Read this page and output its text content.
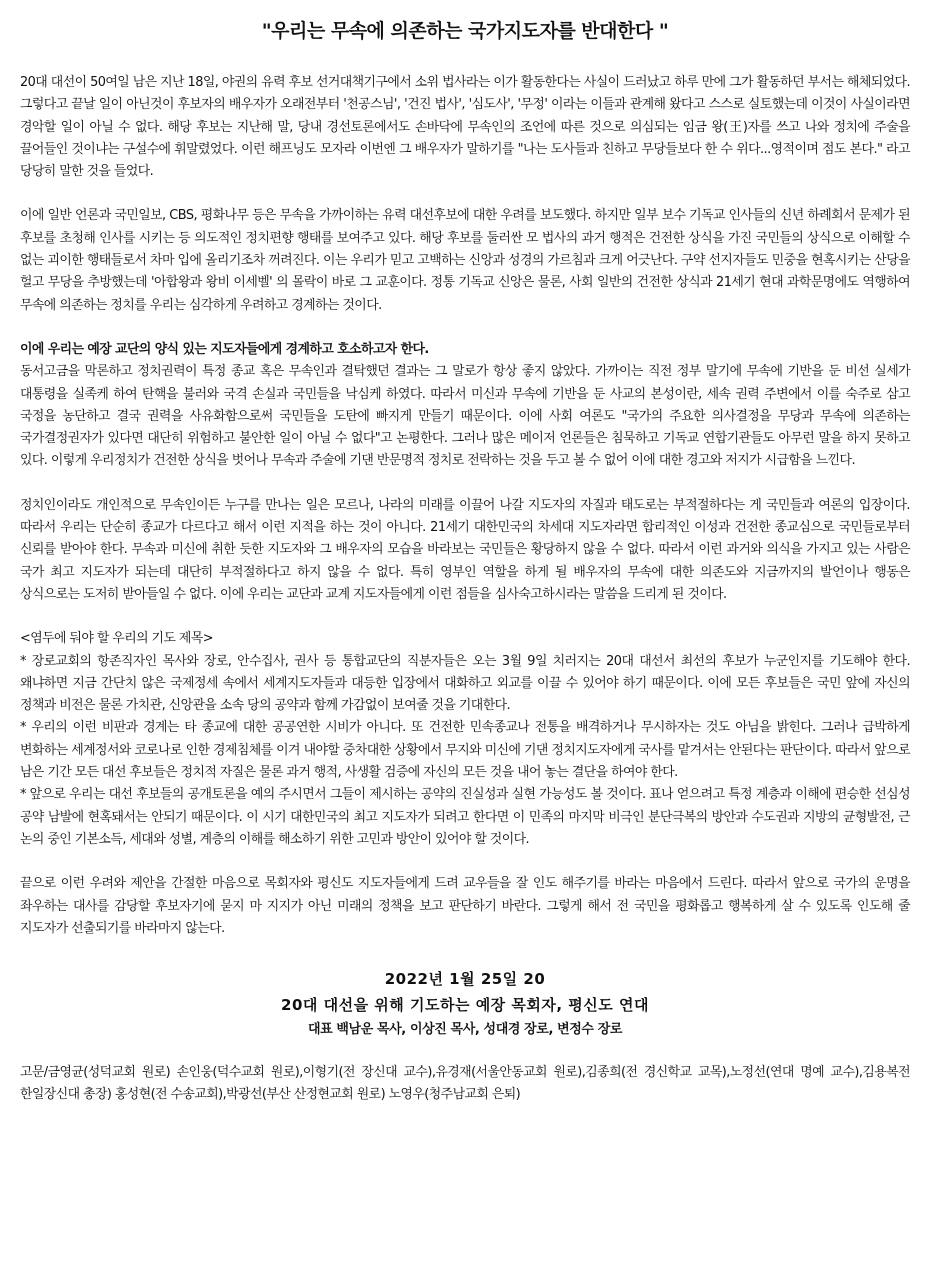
"우리는 무속에 의존하는 국가지도자를 반대한다 "

20대 대선이 50여일 남은 지난 18일, 야권의 유력 후보 선거대책기구에서 소위 법사라는 이가 활동한다는 사실이 드러났고 하루 만에 그가 활동하던 부서는 해체되었다. 그렇다고 끝날 일이 아닌것이 후보자의 배우자가 오래전부터 '천공스님', '건진 법사', '심도사', '무정' 이라는 이들과 관계해 왔다고 스스로 실토했는데 이것이 사실이라면 경악할 일이 아닐 수 없다. 해당 후보는 지난해 말, 당내 경선토론에서도 손바닥에 무속인의 조언에 따른 것으로 의심되는 임금 왕(王)자를 쓰고 나와 정치에 주술을 끌어들인 것이냐는 구설수에 휘말렸었다. 이런 해프닝도 모자라 이번엔 그 배우자가 말하기를 "나는 도사들과 친하고 무당들보다 한 수 위다...영적이며 점도 본다." 라고 당당히 말한 것을 들었다.

이에 일반 언론과 국민일보, CBS, 평화나무 등은 무속을 가까이하는 유력 대선후보에 대한 우려를 보도했다. 하지만 일부 보수 기독교 인사들의 신년 하례회서 문제가 된 후보를 초청해 인사를 시키는 등 의도적인 정치편향 행태를 보여주고 있다. 해당 후보를 둘러싼 모 법사의 과거 행적은 건전한 상식을 가진 국민들의 상식으로 이해할 수 없는 괴이한 행태들로서 차마 입에 올리기조차 꺼려진다. 이는 우리가 믿고 고백하는 신앙과 성경의 가르침과 크게 어긋난다. 구약 선지자들도 민중을 현혹시키는 산당을 헐고 무당을 추방했는데 '아합왕과 왕비 이세벨' 의 몰락이 바로 그 교훈이다. 정통 기독교 신앙은 물론, 사회 일반의 건전한 상식과 21세기 현대 과학문명에도 역행하여 무속에 의존하는 정치를 우리는 심각하게 우려하고 경계하는 것이다.

이에 우리는 예장 교단의 양식 있는 지도자들에게 경계하고 호소하고자 한다.

동서고금을 막론하고 정치권력이 특정 종교 혹은 무속인과 결탁했던 결과는 그 말로가 항상 좋지 않았다. 가까이는 직전 정부 말기에 무속에 기반을 둔 비선 실세가 대통령을 실족케 하여 탄핵을 불러와 국격 손실과 국민들을 낙심케 하였다. 따라서 미신과 무속에 기반을 둔 사교의 본성이란, 세속 권력 주변에서 이를 숙주로 삼고 국정을 농단하고 결국 권력을 사유화함으로써 국민들을 도탄에 빠지게 만들기 때문이다. 이에 사회 여론도 "국가의 주요한 의사결정을 무당과 무속에 의존하는 국가결정권자가 있다면 대단히 위험하고 불안한 일이 아닐 수 없다"고 논평한다. 그러나 많은 메이저 언론들은 침묵하고 기독교 연합기관들도 아무런 말을 하지 못하고 있다. 이렇게 우리정치가 건전한 상식을 벗어나 무속과 주술에 기댄 반문명적 정치로 전락하는 것을 두고 볼 수 없어 이에 대한 경고와 저지가 시급함을 느낀다.

정치인이라도 개인적으로 무속인이든 누구를 만나는 일은 모르나, 나라의 미래를 이끌어 나갈 지도자의 자질과 태도로는 부적절하다는 게 국민들과 여론의 입장이다. 따라서 우리는 단순히 종교가 다르다고 해서 이런 지적을 하는 것이 아니다. 21세기 대한민국의 차세대 지도자라면 합리적인 이성과 건전한 종교심으로 국민들로부터 신뢰를 받아야 한다. 무속과 미신에 취한 듯한 지도자와 그 배우자의 모습을 바라보는 국민들은 황당하지 않을 수 없다. 따라서 이런 과거와 의식을 가지고 있는 사람은 국가 최고 지도자가 되는데 대단히 부적절하다고 하지 않을 수 없다. 특히 영부인 역할을 하게 될 배우자의 무속에 대한 의존도와 지금까지의 발언이나 행동은 상식으로는 도저히 받아들일 수 없다. 이에 우리는 교단과 교계 지도자들에게 이런 점들을 심사숙고하시라는 말씀을 드리게 된 것이다.

<염두에 둬야 할 우리의 기도 제목>

* 장로교회의 항존직자인 목사와 장로, 안수집사, 권사 등 통합교단의 직분자들은 오는 3월 9일 치러지는 20대 대선서 최선의 후보가 누군인지를 기도해야 한다. 왜냐하면 지금 간단치 않은 국제정세 속에서 세계지도자들과 대등한 입장에서 대화하고 외교를 이끌 수 있어야 하기 때문이다. 이에 모든 후보들은 국민 앞에 자신의 정책과 비전은 물론 가치관, 신앙관을 소속 당의 공약과 함께 가감없이 보여줄 것을 기대한다.

* 우리의 이런 비판과 경계는 타 종교에 대한 공공연한 시비가 아니다. 또 건전한 민속종교나 전통을 배격하거나 무시하자는 것도 아님을 밝힌다. 그러나 급박하게 변화하는 세계정서와 코로나로 인한 경제침체를 이겨 내야할 중차대한 상황에서 무지와 미신에 기댄 정치지도자에게 국사를 맡겨서는 안된다는 판단이다. 따라서 앞으로 남은 기간 모든 대선 후보들은 정치적 자질은 물론 과거 행적, 사생활 검증에 자신의 모든 것을 내어 놓는 결단을 하여야 한다.

* 앞으로 우리는 대선 후보들의 공개토론을 예의 주시면서 그들이 제시하는 공약의 진실성과 실현 가능성도 볼 것이다. 표나 얻으려고 특정 계층과 이해에 편승한 선심성 공약 남발에 현혹돼서는 안되기 때문이다. 이 시기 대한민국의 최고 지도자가 되려고 한다면 이 민족의 마지막 비극인 분단극복의 방안과 수도권과 지방의 균형발전, 근 논의 중인 기본소득, 세대와 성별, 계층의 이해를 해소하기 위한 고민과 방안이 있어야 할 것이다.

끝으로 이런 우려와 제안을 간절한 마음으로 목회자와 평신도 지도자들에게 드려 교우들을 잘 인도 해주기를 바라는 마음에서 드린다. 따라서 앞으로 국가의 운명을 좌우하는 대사를 감당할 후보자기에 묻지 마 지지가 아닌 미래의 정책을 보고 판단하기 바란다. 그렇게 해서 전 국민을 평화롭고 행복하게 살 수 있도록 인도해 줄 지도자가 선출되기를 바라마지 않는다.

2022년 1월 25일 20
20대 대선을 위해 기도하는 예장 목회자, 평신도 연대
대표 백남운 목사, 이상진 목사, 성대경 장로, 변정수 장로

고문/금영균(성덕교회 원로) 손인웅(덕수교회 원로),이형기(전 장신대 교수),유경재(서울안동교회 원로),김종희(전 경신학교 교목),노정선(연대 명예 교수),김용복전 한일장신대 총장) 홍성현(전 수송교회),박광선(부산 산정현교회 원로) 노영우(청주남교회 은퇴)
